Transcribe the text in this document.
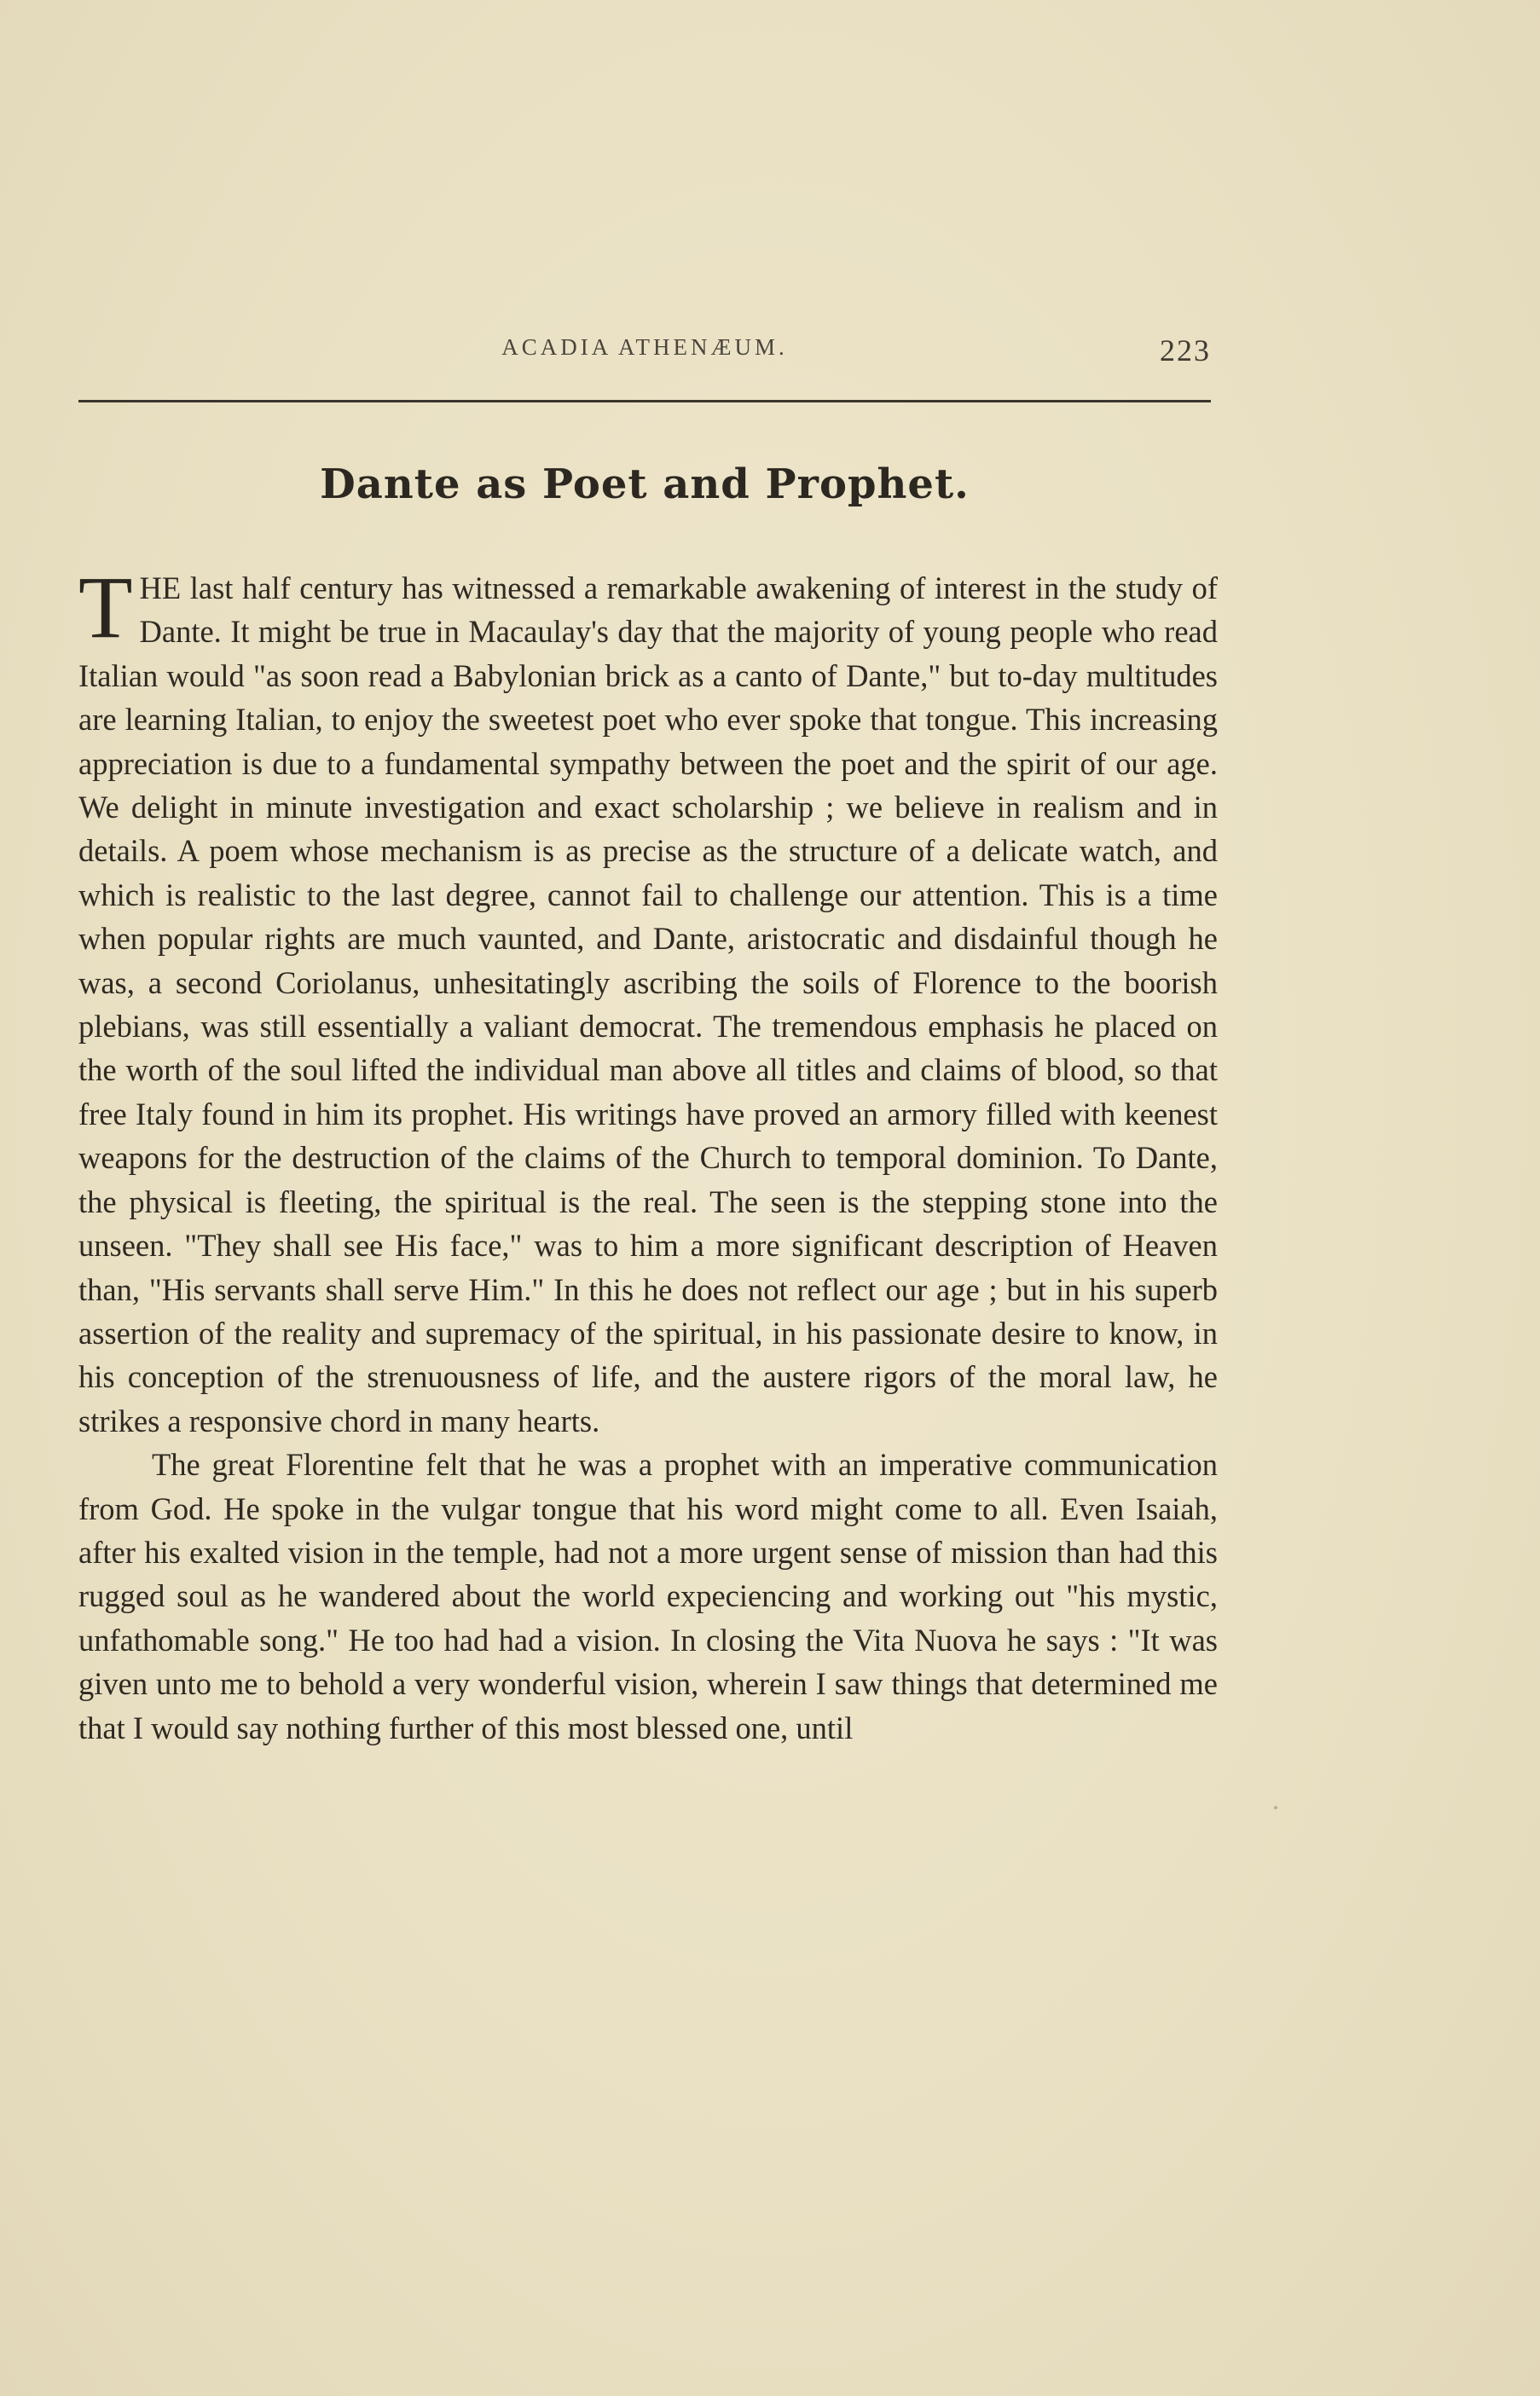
ACADIA ATHENÆUM.	223
Dante as Poet and Prophet.

THE last half century has witnessed a remarkable awakening of interest in the study of Dante. It might be true in Macaulay's day that the majority of young people who read Italian would "as soon read a Babylonian brick as a canto of Dante," but to-day multitudes are learning Italian, to enjoy the sweetest poet who ever spoke that tongue. This increasing appreciation is due to a fundamental sympathy between the poet and the spirit of our age. We delight in minute investigation and exact scholarship ; we believe in realism and in details. A poem whose mechanism is as precise as the structure of a delicate watch, and which is realistic to the last degree, cannot fail to challenge our attention. This is a time when popular rights are much vaunted, and Dante, aristocratic and disdainful though he was, a second Coriolanus, unhesitatingly ascribing the soils of Florence to the boorish plebians, was still essentially a valiant democrat. The tremendous emphasis he placed on the worth of the soul lifted the individual man above all titles and claims of blood, so that free Italy found in him its prophet. His writings have proved an armory filled with keenest weapons for the destruction of the claims of the Church to temporal dominion. To Dante, the physical is fleeting, the spiritual is the real. The seen is the stepping stone into the unseen. "They shall see His face," was to him a more significant description of Heaven than, "His servants shall serve Him." In this he does not reflect our age ; but in his superb assertion of the reality and supremacy of the spiritual, in his passionate desire to know, in his conception of the strenuousness of life, and the austere rigors of the moral law, he strikes a responsive chord in many hearts.

The great Florentine felt that he was a prophet with an imperative communication from God. He spoke in the vulgar tongue that his word might come to all. Even Isaiah, after his exalted vision in the temple, had not a more urgent sense of mission than had this rugged soul as he wandered about the world expeciencing and working out "his mystic, unfathomable song." He too had had a vision. In closing the Vita Nuova he says : "It was given unto me to behold a very wonderful vision, wherein I saw things that determined me that I would say nothing further of this most blessed one, until
